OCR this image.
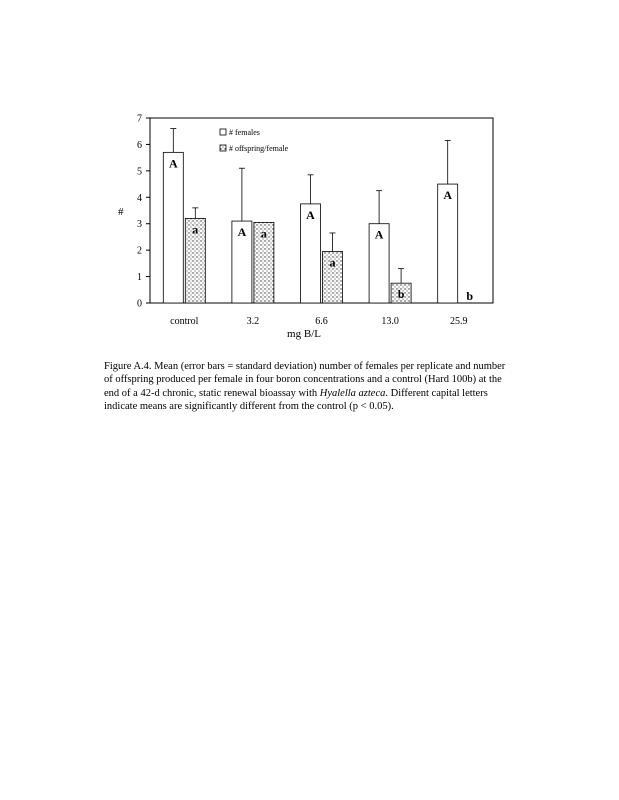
0
1
2
3
4
5
6
7
control	3.2	6.6	13.0	25.9
A
a	A a
A
a
A
b
A
b
# females
# offspring/female
#
mg B/L

Figure A.4. Mean (error bars = standard deviation) number of females per replicate and number of offspring produced per female in four boron concentrations and a control (Hard 100b) at the end of a 42-d chronic, static renewal bioassay with Hyalella azteca. Different capital letters indicate means are significantly different from the control (p < 0.05).
